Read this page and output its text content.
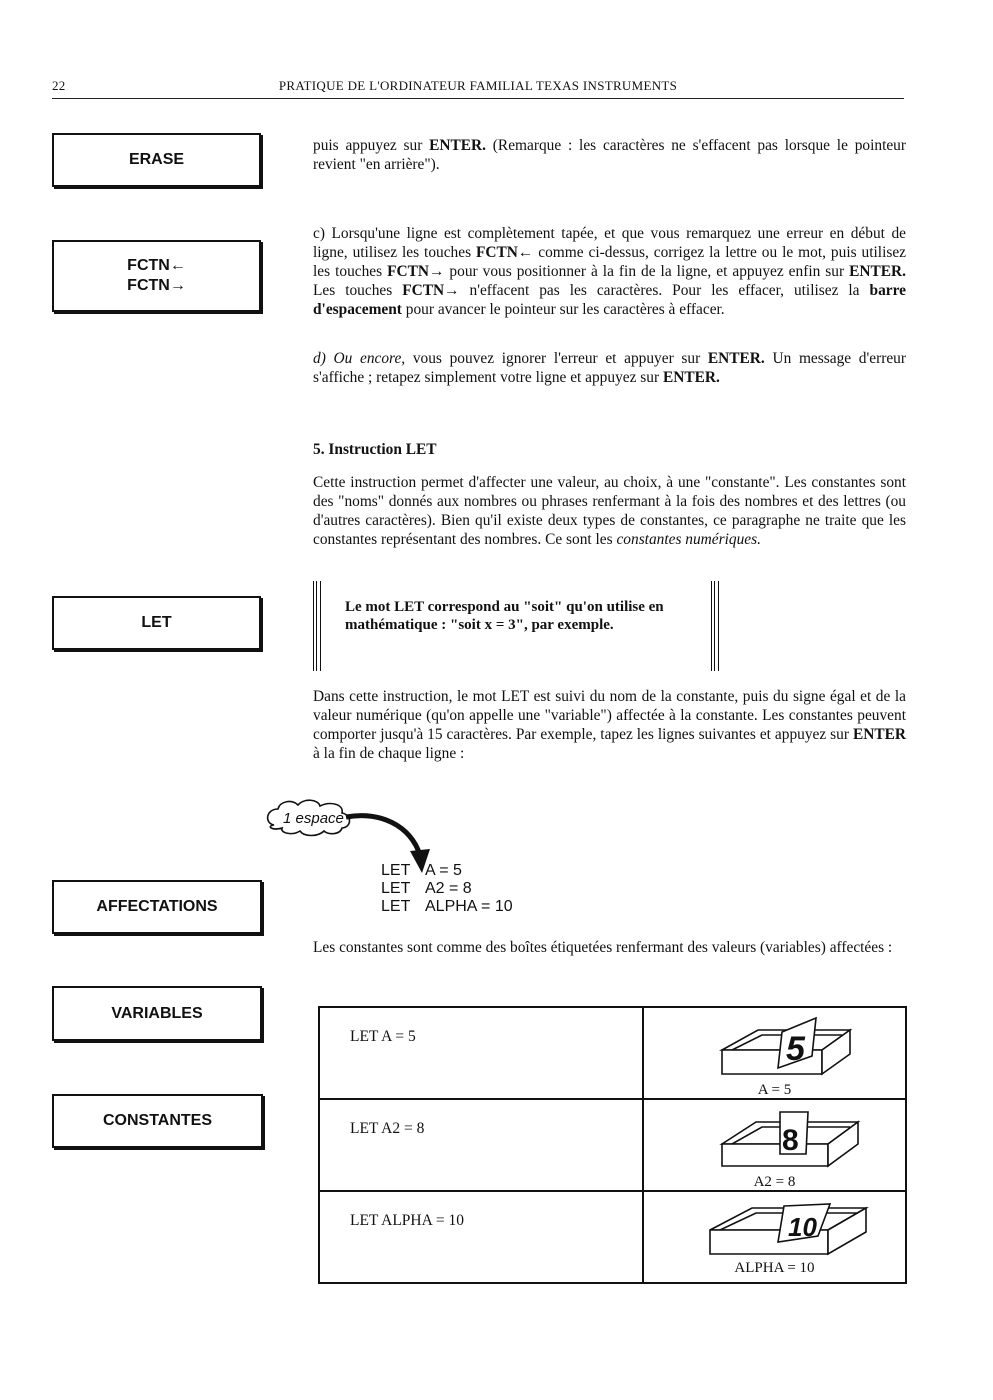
22	PRATIQUE DE L'ORDINATEUR FAMILIAL TEXAS INSTRUMENTS
ERASE
FCTN←
FCTN→
LET
AFFECTATIONS
VARIABLES
CONSTANTES
puis appuyez sur ENTER. (Remarque : les caractères ne s'effacent pas lorsque le pointeur revient "en arrière").
c) Lorsqu'une ligne est complètement tapée, et que vous remarquez une erreur en début de ligne, utilisez les touches FCTN← comme ci-dessus, corrigez la lettre ou le mot, puis utilisez les touches FCTN→ pour vous positionner à la fin de la ligne, et appuyez enfin sur ENTER. Les touches FCTN→ n'effacent pas les caractères. Pour les effacer, utilisez la barre d'espacement pour avancer le pointeur sur les caractères à effacer.
d) Ou encore, vous pouvez ignorer l'erreur et appuyer sur ENTER. Un message d'erreur s'affiche ; retapez simplement votre ligne et appuyez sur ENTER.
5. Instruction LET
Cette instruction permet d'affecter une valeur, au choix, à une "constante". Les constantes sont des "noms" donnés aux nombres ou phrases renfermant à la fois des nombres et des lettres (ou d'autres caractères). Bien qu'il existe deux types de constantes, ce paragraphe ne traite que les constantes représentant des nombres. Ce sont les constantes numériques.
Le mot LET correspond au "soit" qu'on utilise en mathématique : "soit x = 3", par exemple.
Dans cette instruction, le mot LET est suivi du nom de la constante, puis du signe égal et de la valeur numérique (qu'on appelle une "variable") affectée à la constante. Les constantes peuvent comporter jusqu'à 15 caractères. Par exemple, tapez les lignes suivantes et appuyez sur ENTER à la fin de chaque ligne :
1 espace
LET A = 5
LET A2 = 8
LET ALPHA = 10
Les constantes sont comme des boîtes étiquetées renfermant des valeurs (variables) affectées :
LET A = 5	5
A = 5

LET A2 = 8	8
A2 = 8

LET ALPHA = 10	10
ALPHA = 10
